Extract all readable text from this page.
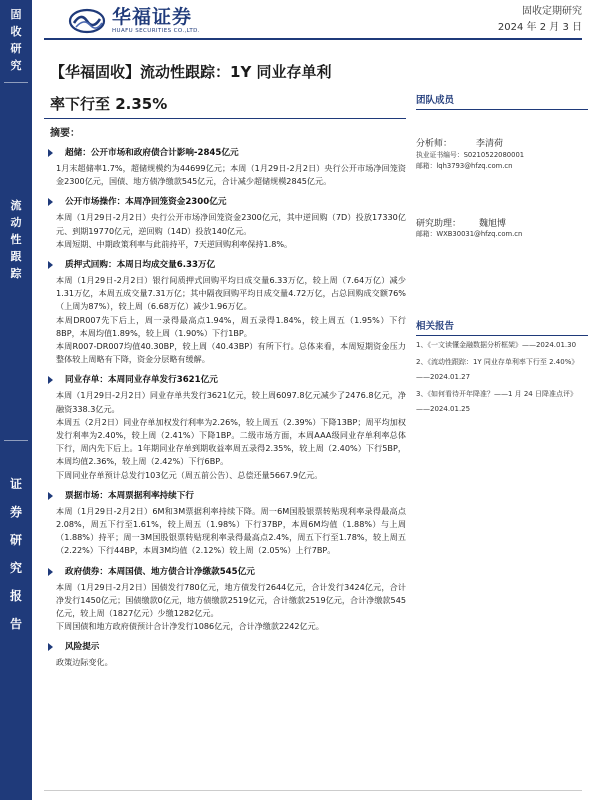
固
收
研
究
流
动
性
跟
踪
证
券
研
究
报
告
华福证券
HUAFU SECURITIES CO.,LTD.
固收定期研究
2024 年 2 月 3 日
【华福固收】流动性跟踪：1Y 同业存单利
率下行至 2.35%
摘要：
超储：公开市场和政府债合计影响-2845亿元
1月末超储率1.7%，超储规模约为44699亿元；本周（1月29日-2月2日）央行公开市场净回笼资金2300亿元，国债、地方债净缴款545亿元，合计减少超储规模2845亿元。
公开市场操作：本周净回笼资金2300亿元
本周（1月29日-2月2日）央行公开市场净回笼资金2300亿元，其中逆回购（7D）投放17330亿元、到期19770亿元，逆回购（14D）投放140亿元。
本周短期、中期政策利率与此前持平，7天逆回购利率保持1.8%。
质押式回购：本周日均成交量6.33万亿
本周（1月29日-2月2日）银行间质押式回购平均日成交量6.33万亿，较上周（7.64万亿）减少1.31万亿，本周五成交量7.31万亿；其中隔夜回购平均日成交量4.72万亿，占总回购成交额76%（上周为87%），较上周（6.68万亿）减少1.96万亿。
本周DR007先下后上，周一录得最高点1.94%，周五录得1.84%，较上周五（1.95%）下行8BP，本周均值1.89%，较上周（1.90%）下行1BP。
本周R007-DR007均值40.30BP，较上周（40.43BP）有所下行。总体来看，本周短期资金压力整体较上周略有下降，资金分层略有缓解。
同业存单：本周同业存单发行3621亿元
本周（1月29日-2月2日）同业存单共发行3621亿元，较上周6097.8亿元减少了2476.8亿元，净融资338.3亿元。
本周五（2月2日）同业存单加权发行利率为2.26%，较上周五（2.39%）下降13BP；周平均加权发行利率为2.40%，较上周（2.41%）下降1BP。二级市场方面，本周AAA级同业存单利率总体下行，周内先下后上。1年期同业存单到期收益率周五录得2.35%，较上周（2.40%）下行5BP，本周均值2.36%，较上周（2.42%）下行6BP。
下周同业存单预计总发行103亿元（周五前公告）、总偿还量5667.9亿元。
票据市场：本周票据利率持续下行
本周（1月29日-2月2日）6M和3M票据利率持续下降。周一6M国股银票转贴现利率录得最高点2.08%，周五下行至1.61%，较上周五（1.98%）下行37BP，本周6M均值（1.88%）与上周（1.88%）持平；周一3M国股银票转贴现利率录得最高点2.4%，周五下行至1.78%，较上周五（2.22%）下行44BP，本周3M均值（2.12%）较上周（2.05%）上行7BP。
政府债券：本周国债、地方债合计净缴款545亿元
本周（1月29日-2月2日）国债发行780亿元，地方债发行2644亿元，合计发行3424亿元，合计净发行1450亿元；国债缴款0亿元，地方债缴款2519亿元，合计缴款2519亿元，合计净缴款545亿元，较上周（1827亿元）少缴1282亿元。
下周国债和地方政府债预计合计净发行1086亿元，合计净缴款2242亿元。
风险提示
政策边际变化。
团队成员
分析师：	李清荷
执业证书编号：S0210522080001
邮箱：lqh3793@hfzq.com.cn
研究助理： 魏旭博
邮箱：WXB30031@hfzq.com.cn
相关报告
1、《一文读懂金融数据分析框架》——2024.01.30
2、《流动性跟踪：1Y 同业存单利率下行至 2.40%》——2024.01.27
3、《如何看待开年降准？——1 月 24 日降准点评》——2024.01.25
